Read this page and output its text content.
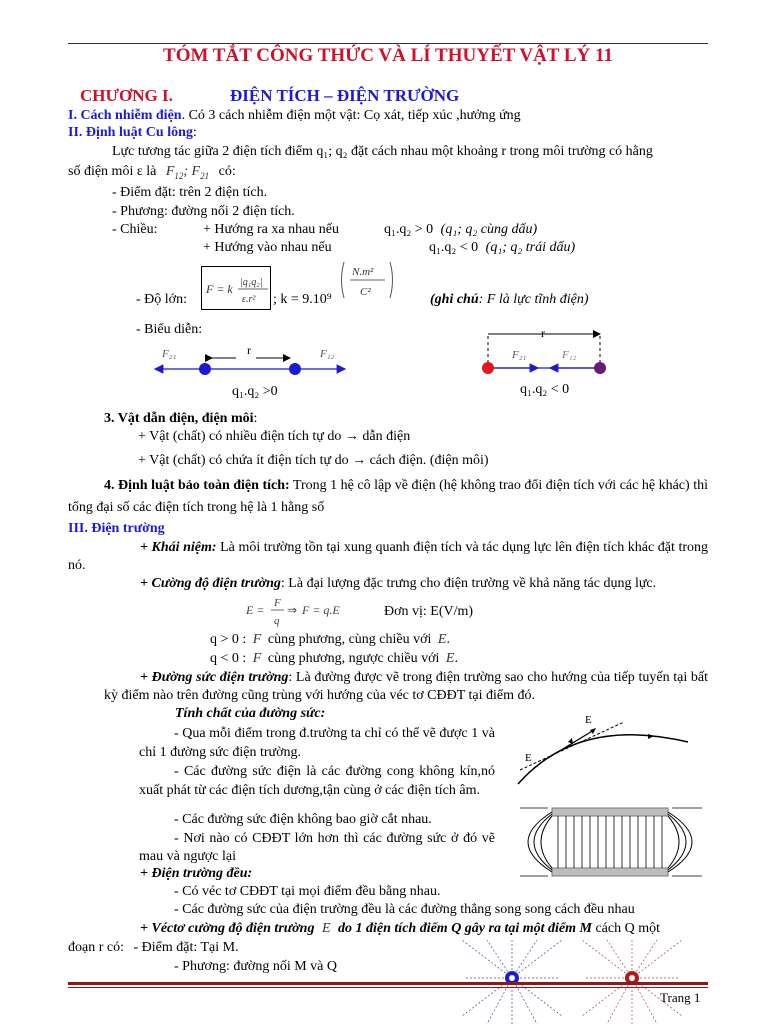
TÓM TẮT CÔNG THỨC VÀ LÍ THUYẾT VẬT LÝ 11
CHƯƠNG I.	ĐIỆN TÍCH – ĐIỆN TRƯỜNG
I. Cách nhiễm điện. Có 3 cách nhiễm điện một vật: Cọ xát, tiếp xúc ,hưởng ứng
II. Định luật Cu lông:
Lực tương tác giữa 2 điện tích điểm q₁; q₂ đặt cách nhau một khoảng r trong môi trường có hằng
số điện môi ε là $F_{12}$; $F_{21}$ có:
- Điểm đặt: trên 2 điện tích.
- Phương: đường nối 2 điện tích.
- Chiều:	+ Hướng ra xa nhau nếu	q₁.q₂ > 0 (q₁; q₂ cùng dấu)
+ Hướng vào nhau nếu	q₁.q₂ < 0 (q₁; q₂ trái dấu)
- Độ lớn:
F = k |q₁q₂|
ε.r² ; k = 9.10⁹
N.m²
C²	(ghi chú: F là lực tĩnh điện)
- Biểu diễn:
F₂₁	F₁₂
r
q₁.q₂ >0
r
F₂₁	F₁₂
q₁.q₂ < 0
3. Vật dẫn điện, điện môi:
+ Vật (chất) có nhiều điện tích tự do → dẫn điện
+ Vật (chất) có chứa ít điện tích tự do → cách điện. (điện môi)
4. Định luật bảo toàn điện tích: Trong 1 hệ cô lập về điện (hệ không trao đổi điện tích với các hệ khác) thì tổng đại số các điện tích trong hệ là 1 hằng số
III. Điện trường
+ Khái niệm: Là môi trường tồn tại xung quanh điện tích và tác dụng lực lên điện tích khác đặt trong nó.
+ Cường độ điện trường: Là đại lượng đặc trưng cho điện trường về khả năng tác dụng lực.
E = F
q
⇒ F = q.E	Đơn vị: E(V/m)
q > 0 : F cùng phương, cùng chiều với E.
q < 0 : F cùng phương, ngược chiều với E.
+ Đường sức điện trường: Là đường được vẽ trong điện trường sao cho hướng của tiếp tuyến tại bất kỳ điểm nào trên đường cũng trùng với hướng của véc tơ CĐĐT tại điểm đó.
Tính chất của đường sức:
- Qua mỗi điểm trong đ.trường ta chỉ có thể vẽ được 1 và chỉ 1 đường sức điện trường.
- Các đường sức điện là các đường cong không kín,nó xuất phát từ các điện tích dương,tận cùng ở các điện tích âm.
- Các đường sức điện không bao giờ cắt nhau.
- Nơi nào có CĐĐT lớn hơn thì các đường sức ở đó vẽ mau và ngược lại
E
E
+ Điện trường đều:
- Có véc tơ CĐĐT tại mọi điểm đều bằng nhau.
- Các đường sức của điện trường đều là các đường thẳng song song cách đều nhau
+ Véctơ cường độ điện trường E do 1 điện tích điểm Q gây ra tại một điểm M cách Q một
đoạn r có: - Điểm đặt: Tại M.
- Phương: đường nối M và Q
Trang 1
